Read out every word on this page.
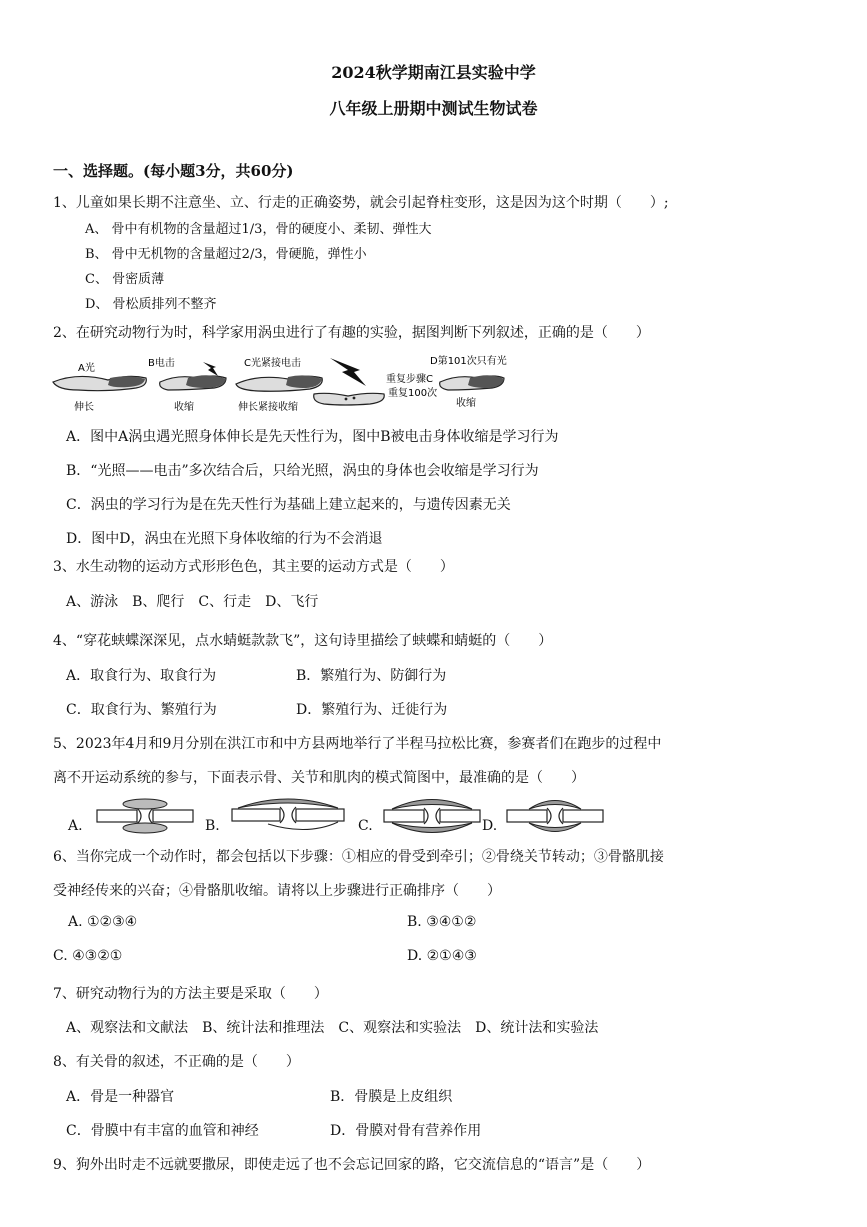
2024秋学期南江县实验中学
八年级上册期中测试生物试卷
一、选择题。(每小题3分，共60分)
1、儿童如果长期不注意坐、立、行走的正确姿势，就会引起脊柱变形，这是因为这个时期（　　）;
A、 骨中有机物的含量超过1/3，骨的硬度小、柔韧、弹性大
B、 骨中无机物的含量超过2/3，骨硬脆，弹性小
C、 骨密质薄
D、 骨松质排列不整齐
2、在研究动物行为时，科学家用涡虫进行了有趣的实验，据图判断下列叙述，正确的是（　　）
A光
伸长
B电击
收缩
C光紧接电击
伸长紧接收缩
重复步骤C
重复100次
D第101次只有光
收缩
A．图中A涡虫遇光照身体伸长是先天性行为，图中B被电击身体收缩是学习行为
B．“光照——电击”多次结合后，只给光照，涡虫的身体也会收缩是学习行为
C．涡虫的学习行为是在先天性行为基础上建立起来的，与遗传因素无关
D．图中D，涡虫在光照下身体收缩的行为不会消退
3、水生动物的运动方式形形色色，其主要的运动方式是（　　）
A、游泳　B、爬行　C、行走　D、飞行
4、“穿花蛱蝶深深见，点水蜻蜓款款飞”，这句诗里描绘了蛱蝶和蜻蜓的（　　）
A．取食行为、取食行为	B．繁殖行为、防御行为
C．取食行为、繁殖行为	D．繁殖行为、迁徙行为
5、2023年4月和9月分别在洪江市和中方县两地举行了半程马拉松比赛，参赛者们在跑步的过程中
离不开运动系统的参与，下面表示骨、关节和肌肉的模式简图中，最准确的是（　　）
A.	B.	C.	D.
6、当你完成一个动作时，都会包括以下步骤：①相应的骨受到牵引；②骨绕关节转动；③骨骼肌接
受神经传来的兴奋；④骨骼肌收缩。请将以上步骤进行正确排序（　　）
A. ①②③④	B. ③④①②
C. ④③②①	D. ②①④③
7、研究动物行为的方法主要是采取（　　）
A、观察法和文献法　B、统计法和推理法　C、观察法和实验法　D、统计法和实验法
8、有关骨的叙述，不正确的是（　　）
A．骨是一种器官	B．骨膜是上皮组织
C．骨膜中有丰富的血管和神经	D．骨膜对骨有营养作用
9、狗外出时走不远就要撒尿，即使走远了也不会忘记回家的路，它交流信息的“语言”是（　　）
